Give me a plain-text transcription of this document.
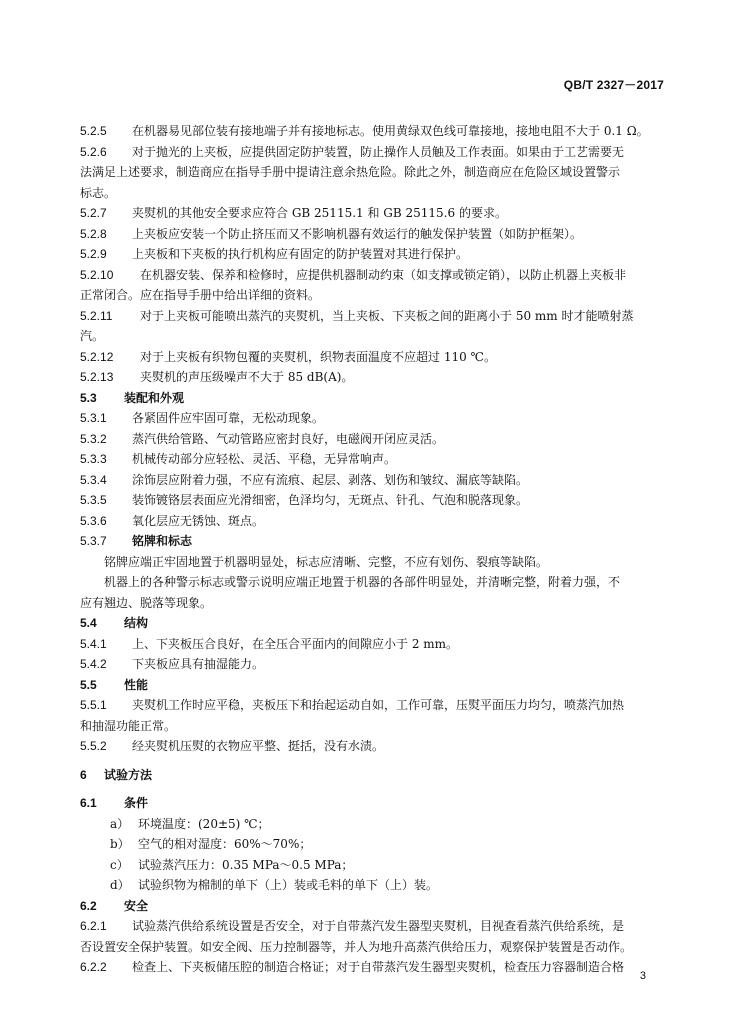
QB/T 2327－2017
5.2.5 在机器易见部位装有接地端子并有接地标志。使用黄绿双色线可靠接地，接地电阻不大于 0.1 Ω。
5.2.6 对于抛光的上夹板，应提供固定防护装置，防止操作人员触及工作表面。如果由于工艺需要无
法满足上述要求，制造商应在指导手册中提请注意余热危险。除此之外，制造商应在危险区域设置警示
标志。
5.2.7 夹熨机的其他安全要求应符合 GB 25115.1 和 GB 25115.6 的要求。
5.2.8 上夹板应安装一个防止挤压而又不影响机器有效运行的触发保护装置（如防护框架）。
5.2.9 上夹板和下夹板的执行机构应有固定的防护装置对其进行保护。
5.2.10 在机器安装、保养和检修时，应提供机器制动约束（如支撑或锁定销），以防止机器上夹板非
正常闭合。应在指导手册中给出详细的资料。
5.2.11 对于上夹板可能喷出蒸汽的夹熨机，当上夹板、下夹板之间的距离小于 50 mm 时才能喷射蒸
汽。
5.2.12 对于上夹板有织物包覆的夹熨机，织物表面温度不应超过 110 ℃。
5.2.13 夹熨机的声压级噪声不大于 85 dB(A)。
5.3 装配和外观
5.3.1 各紧固件应牢固可靠，无松动现象。
5.3.2 蒸汽供给管路、气动管路应密封良好，电磁阀开闭应灵活。
5.3.3 机械传动部分应轻松、灵活、平稳，无异常响声。
5.3.4 涂饰层应附着力强，不应有流痕、起层、剥落、划伤和皱纹、漏底等缺陷。
5.3.5 装饰镀铬层表面应光滑细密，色泽均匀，无斑点、针孔、气泡和脱落现象。
5.3.6 氧化层应无锈蚀、斑点。
5.3.7 铭牌和标志
铭牌应端正牢固地置于机器明显处，标志应清晰、完整，不应有划伤、裂痕等缺陷。
机器上的各种警示标志或警示说明应端正地置于机器的各部件明显处，并清晰完整，附着力强，不
应有翘边、脱落等现象。
5.4 结构
5.4.1 上、下夹板压合良好，在全压合平面内的间隙应小于 2 mm。
5.4.2 下夹板应具有抽湿能力。
5.5 性能
5.5.1 夹熨机工作时应平稳，夹板压下和抬起运动自如，工作可靠，压熨平面压力均匀，喷蒸汽加热
和抽湿功能正常。
5.5.2 经夹熨机压熨的衣物应平整、挺括，没有水渍。
6 试验方法
6.1 条件
a） 环境温度：(20±5) ℃；
b） 空气的相对湿度：60%～70%；
c） 试验蒸汽压力：0.35 MPa～0.5 MPa；
d） 试验织物为棉制的单下（上）装或毛料的单下（上）装。
6.2 安全
6.2.1 试验蒸汽供给系统设置是否安全，对于自带蒸汽发生器型夹熨机，目视查看蒸汽供给系统，是
否设置安全保护装置。如安全阀、压力控制器等，并人为地升高蒸汽供给压力，观察保护装置是否动作。
6.2.2 检查上、下夹板储压腔的制造合格证；对于自带蒸汽发生器型夹熨机，检查压力容器制造合格
3
